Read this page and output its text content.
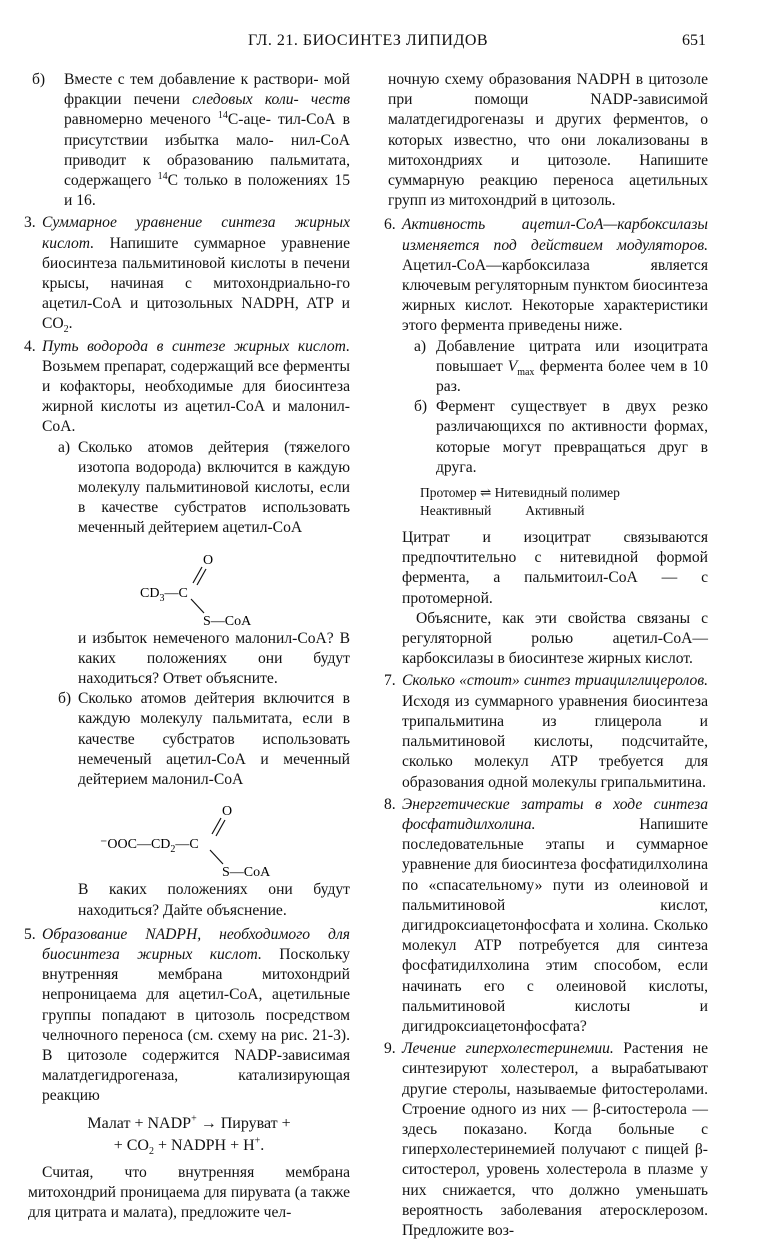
ГЛ. 21. БИОСИНТЕЗ ЛИПИДОВ	651
б) Вместе с тем добавление к раствори- мой фракции печени следовых коли- честв равномерно меченого $^{14}$С-аце- тил-СоА в присутствии избытка мало- нил-СоА приводит к образованию пальмитата, содержащего $^{14}$С только в положениях 15 и 16.

3. Суммарное уравнение синтеза жирных кислот. Напишите суммарное уравнение биосинтеза пальмитиновой кислоты в печени крысы, начиная с митохондриально-го ацетил-СоА и цитозольных NADPH, ATP и $CO_2$.

4. Путь водорода в синтезе жирных кислот. Возьмем препарат, содержащий все ферменты и кофакторы, необходимые для биосинтеза жирной кислоты из ацетил-СоА и малонил-СоА.

а) Сколько атомов дейтерия (тяжелого изотопа водорода) включится в каждую молекулу пальмитиновой кислоты, если в качестве субстратов использовать меченный дейтерием ацетил-СоА

$CD_3—C$
O
S—CoA

и избыток немеченого малонил-СоА? В каких положениях они будут находиться? Ответ объясните.

б) Сколько атомов дейтерия включится в каждую молекулу пальмитата, если в качестве субстратов использовать немеченый ацетил-СоА и меченный дейтерием малонил-СоА

$^-OOC—CD_2—C$
O
S—CoA

В каких положениях они будут находиться? Дайте объяснение.

5. Образование NADPH, необходимого для биосинтеза жирных кислот. Поскольку внутренняя мембрана митохондрий непроницаема для ацетил-СоА, ацетильные группы попадают в цитозоль посредством челночного переноса (см. схему на рис. 21-3). В цитозоле содержится NADP-зависимая малатдегидрогеназа, катализирующая реакцию

Малат + NADP+ → Пируват +
+ $CO_2$ + NADPH + H+.

Считая, что внутренняя мембрана митохондрий проницаема для пирувата (а также для цитрата и малата), предложите чел-

ночную схему образования NADPH в цитозоле при помощи NADP-зависимой малатдегидрогеназы и других ферментов, о которых известно, что они локализованы в митохондриях и цитозоле. Напишите суммарную реакцию переноса ацетильных групп из митохондрий в цитозоль.

6. Активность ацетил-СоА—карбоксилазы изменяется под действием модуляторов. Ацетил-СоА—карбоксилаза является ключевым регуляторным пунктом биосинтеза жирных кислот. Некоторые характеристики этого фермента приведены ниже.

а) Добавление цитрата или изоцитрата повышает $V_{max}$ фермента более чем в 10 раз.

б) Фермент существует в двух резко различающихся по активности формах, которые могут превращаться друг в друга.

Протомер ⇌ Нитевидный полимер
Неактивный	Активный

Цитрат и изоцитрат связываются предпочтительно с нитевидной формой фермента, а пальмитоил-СоА — с протомерной.

Объясните, как эти свойства связаны с регуляторной ролью ацетил-СоА—карбоксилазы в биосинтезе жирных кислот.

7. Сколько «стоит» синтез триацилглицеролов. Исходя из суммарного уравнения биосинтеза трипальмитина из глицерола и пальмитиновой кислоты, подсчитайте, сколько молекул ATP требуется для образования одной молекулы грипальмитина.

8. Энергетические затраты в ходе синтеза фосфатидилхолина.	Напишите последовательные этапы и суммарное уравнение для биосинтеза фосфатидилхолина по «спасательному» пути из олеиновой и пальмитиновой кислот, дигидроксиацетонфосфата и холина. Сколько молекул ATP потребуется для синтеза фосфатидилхолина этим способом, если начинать его с олеиновой кислоты, пальмитиновой кислоты и дигидроксиацетонфосфата?

9. Лечение гиперхолестеринемии. Растения не синтезируют холестерол, а вырабатывают другие стеролы, называемые фитостеролами. Строение одного из них — β-ситостерола — здесь показано. Когда больные с гиперхолестеринемией получают с пищей β-ситостерол, уровень холестерола в плазме у них снижается, что должно уменьшать вероятность заболевания атеросклерозом. Предложите воз-
